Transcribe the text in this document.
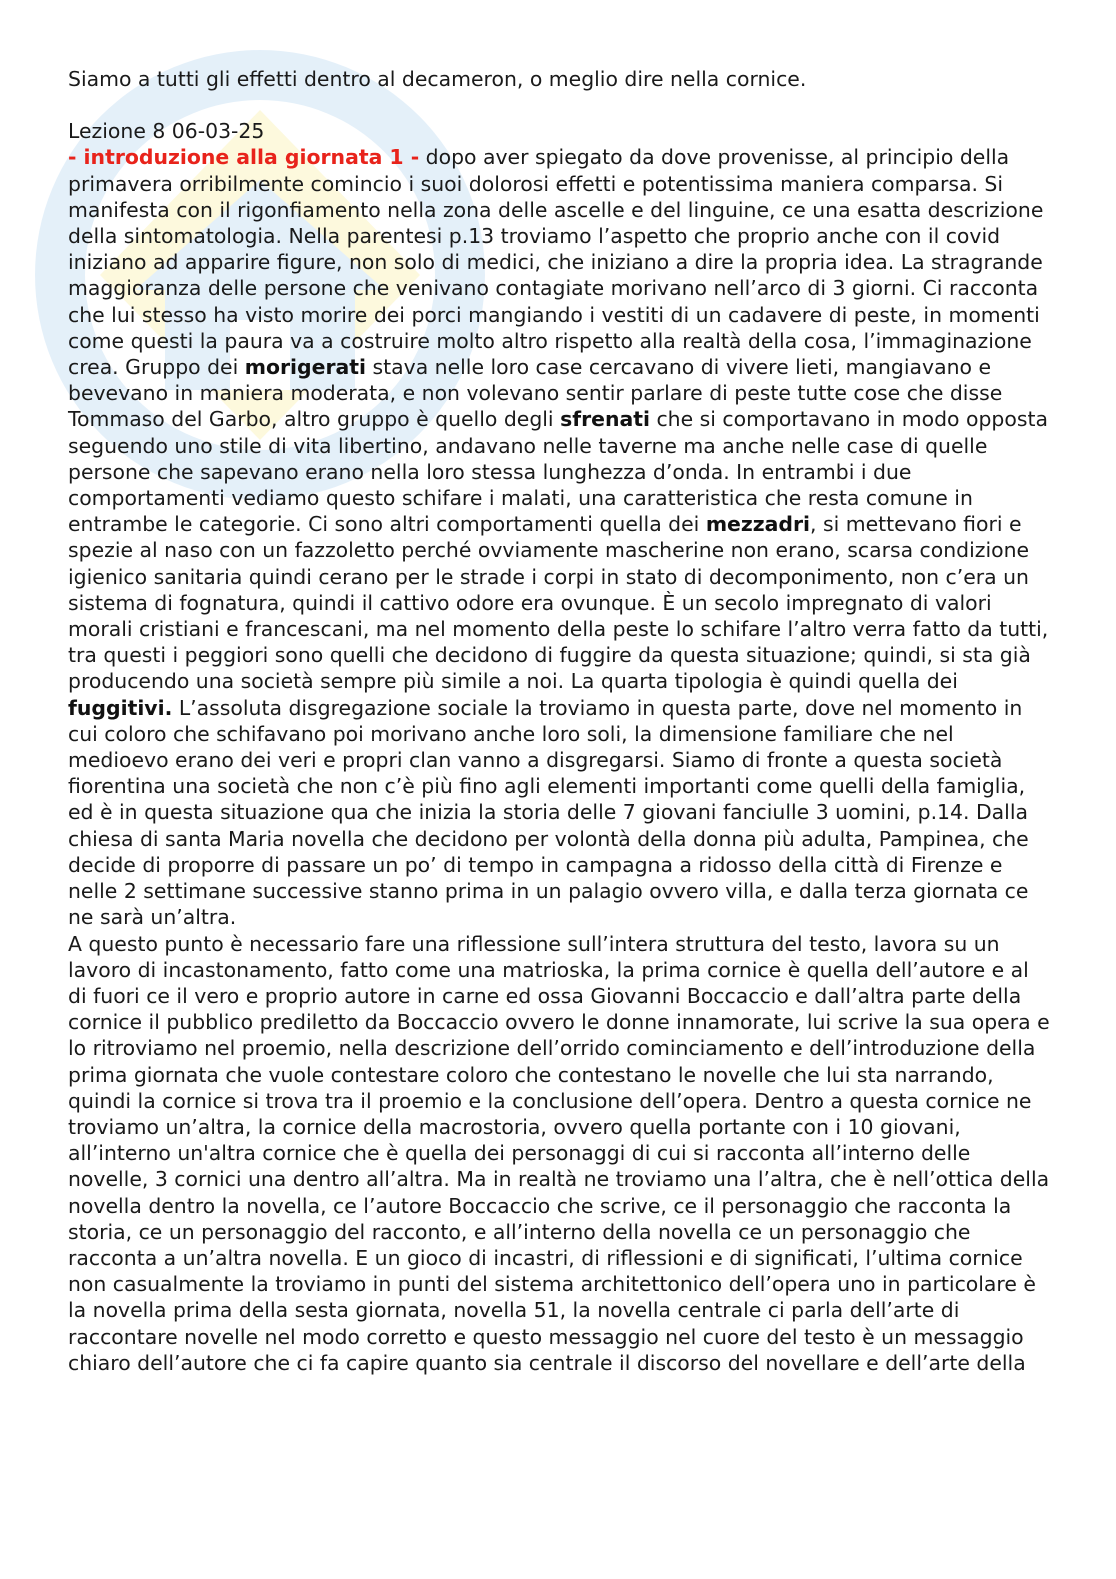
Siamo a tutti gli effetti dentro al decameron, o meglio dire nella cornice.

Lezione 8 06-03-25

- introduzione alla giornata 1 - dopo aver spiegato da dove provenisse, al principio della primavera orribilmente comincio i suoi dolorosi effetti e potentissima maniera comparsa. Si manifesta con il rigonfiamento nella zona delle ascelle e del linguine, ce una esatta descrizione della sintomatologia. Nella parentesi p.13 troviamo l’aspetto che proprio anche con il covid iniziano ad apparire figure, non solo di medici, che iniziano a dire la propria idea. La stragrande maggioranza delle persone che venivano contagiate morivano nell’arco di 3 giorni. Ci racconta che lui stesso ha visto morire dei porci mangiando i vestiti di un cadavere di peste, in momenti come questi la paura va a costruire molto altro rispetto alla realtà della cosa, l’immaginazione crea. Gruppo dei morigerati stava nelle loro case cercavano di vivere lieti, mangiavano e bevevano in maniera moderata, e non volevano sentir parlare di peste tutte cose che disse Tommaso del Garbo, altro gruppo è quello degli sfrenati che si comportavano in modo opposta seguendo uno stile di vita libertino, andavano nelle taverne ma anche nelle case di quelle persone che sapevano erano nella loro stessa lunghezza d’onda. In entrambi i due comportamenti vediamo questo schifare i malati, una caratteristica che resta comune in entrambe le categorie. Ci sono altri comportamenti quella dei mezzadri, si mettevano fiori e spezie al naso con un fazzoletto perché ovviamente mascherine non erano, scarsa condizione igienico sanitaria quindi cerano per le strade i corpi in stato di decomponimento, non c’era un sistema di fognatura, quindi il cattivo odore era ovunque. È un secolo impregnato di valori morali cristiani e francescani, ma nel momento della peste lo schifare l’altro verra fatto da tutti, tra questi i peggiori sono quelli che decidono di fuggire da questa situazione; quindi, si sta già producendo una società sempre più simile a noi. La quarta tipologia è quindi quella dei fuggitivi. L’assoluta disgregazione sociale la troviamo in questa parte, dove nel momento in cui coloro che schifavano poi morivano anche loro soli, la dimensione familiare che nel medioevo erano dei veri e propri clan vanno a disgregarsi. Siamo di fronte a questa società fiorentina una società che non c’è più fino agli elementi importanti come quelli della famiglia, ed è in questa situazione qua che inizia la storia delle 7 giovani fanciulle 3 uomini, p.14. Dalla chiesa di santa Maria novella che decidono per volontà della donna più adulta, Pampinea, che decide di proporre di passare un po’ di tempo in campagna a ridosso della città di Firenze e nelle 2 settimane successive stanno prima in un palagio ovvero villa, e dalla terza giornata ce ne sarà un’altra.

A questo punto è necessario fare una riflessione sull’intera struttura del testo, lavora su un lavoro di incastonamento, fatto come una matrioska, la prima cornice è quella dell’autore e al di fuori ce il vero e proprio autore in carne ed ossa Giovanni Boccaccio e dall’altra parte della cornice il pubblico prediletto da Boccaccio ovvero le donne innamorate, lui scrive la sua opera e lo ritroviamo nel proemio, nella descrizione dell’orrido cominciamento e dell’introduzione della prima giornata che vuole contestare coloro che contestano le novelle che lui sta narrando, quindi la cornice si trova tra il proemio e la conclusione dell’opera. Dentro a questa cornice ne troviamo un’altra, la cornice della macrostoria, ovvero quella portante con i 10 giovani, all’interno un'altra cornice che è quella dei personaggi di cui si racconta all’interno delle novelle, 3 cornici una dentro all’altra. Ma in realtà ne troviamo una l’altra, che è nell’ottica della novella dentro la novella, ce l’autore Boccaccio che scrive, ce il personaggio che racconta la storia, ce un personaggio del racconto, e all’interno della novella ce un personaggio che racconta a un’altra novella. E un gioco di incastri, di riflessioni e di significati, l’ultima cornice non casualmente la troviamo in punti del sistema architettonico dell’opera uno in particolare è la novella prima della sesta giornata, novella 51, la novella centrale ci parla dell’arte di raccontare novelle nel modo corretto e questo messaggio nel cuore del testo è un messaggio chiaro dell’autore che ci fa capire quanto sia centrale il discorso del novellare e dell’arte della
